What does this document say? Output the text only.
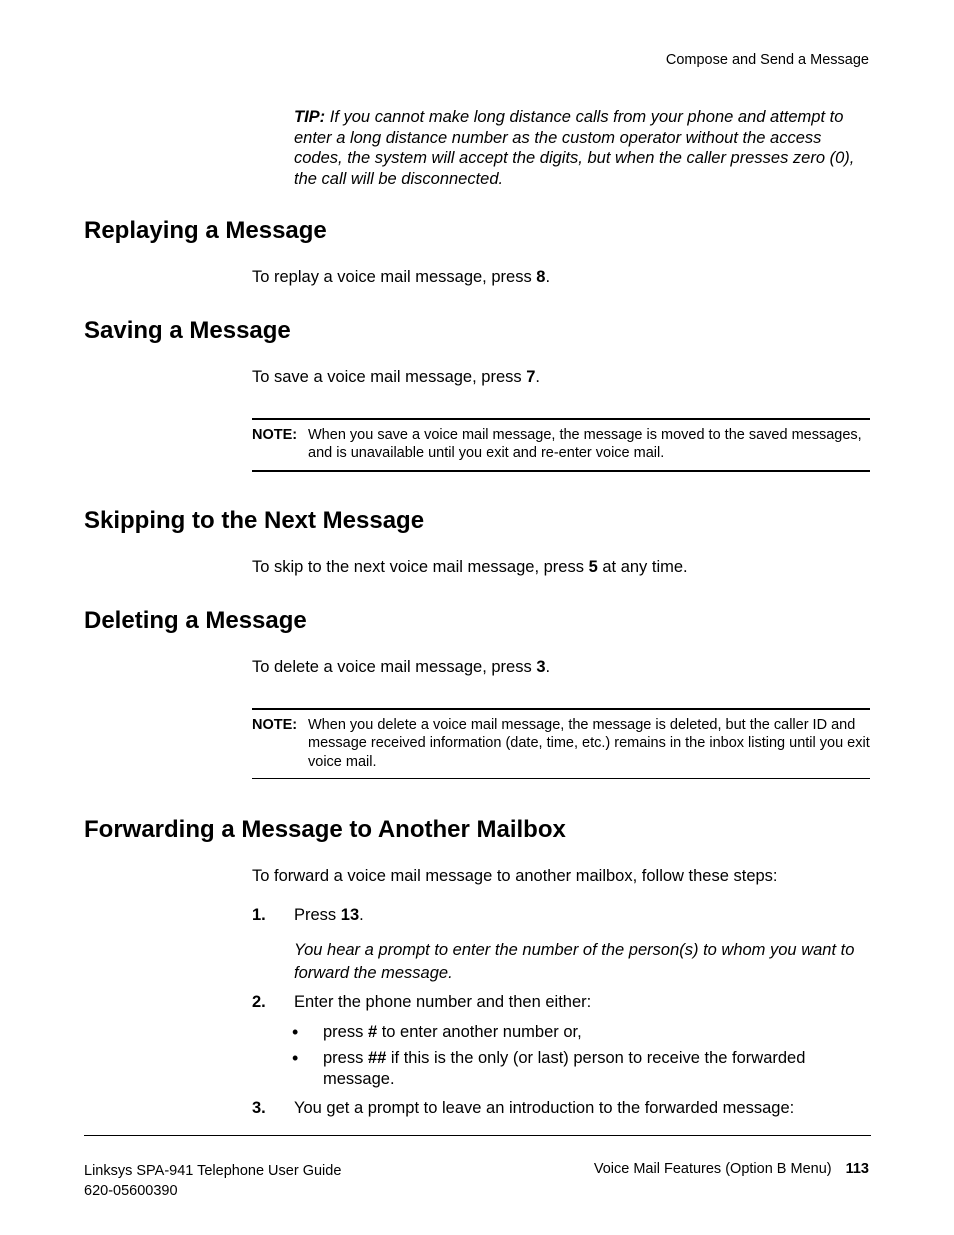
Compose and Send a Message
TIP: If you cannot make long distance calls from your phone and attempt to enter a long distance number as the custom operator without the access codes, the system will accept the digits, but when the caller presses zero (0), the call will be disconnected.
Replaying a Message
To replay a voice mail message, press 8.
Saving a Message
To save a voice mail message, press 7.
NOTE: When you save a voice mail message, the message is moved to the saved messages, and is unavailable until you exit and re-enter voice mail.
Skipping to the Next Message
To skip to the next voice mail message, press 5 at any time.
Deleting a Message
To delete a voice mail message, press 3.
NOTE: When you delete a voice mail message, the message is deleted, but the caller ID and message received information (date, time, etc.) remains in the inbox listing until you exit voice mail.
Forwarding a Message to Another Mailbox
To forward a voice mail message to another mailbox, follow these steps:
1.	Press 13.
You hear a prompt to enter the number of the person(s) to whom you want to forward the message.
2.	Enter the phone number and then either:
•	press # to enter another number or,
•	press ## if this is the only (or last) person to receive the forwarded message.
3.	You get a prompt to leave an introduction to the forwarded message:
Linksys SPA-941 Telephone User Guide
620-05600390
Voice Mail Features (Option B Menu) 113
